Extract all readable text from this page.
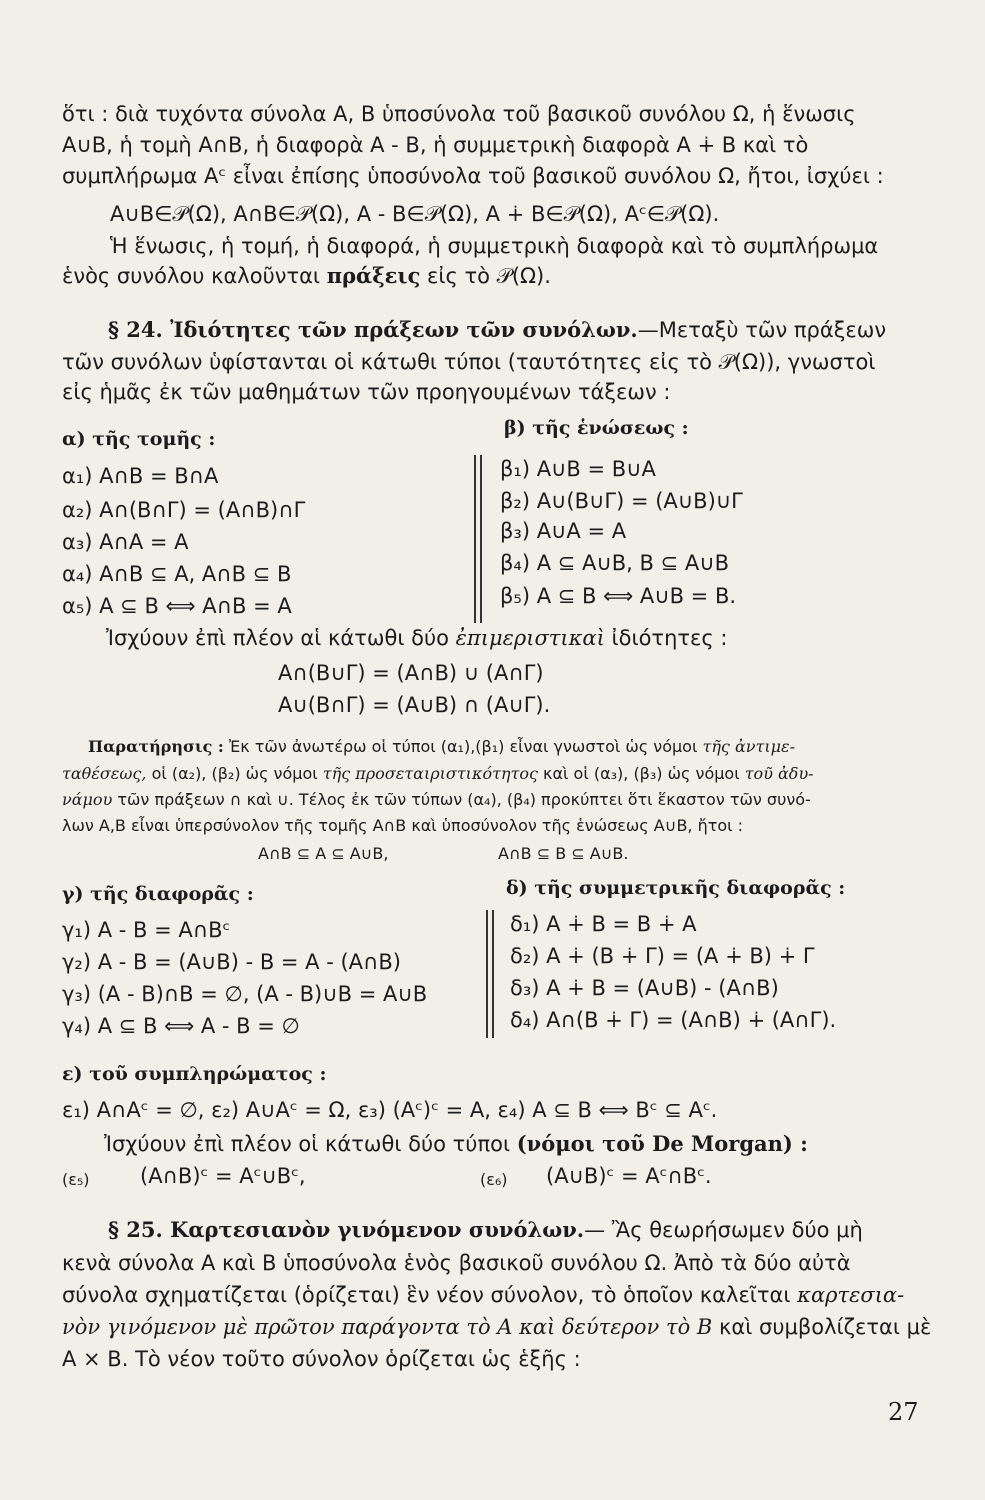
ὅτι : διὰ τυχόντα σύνολα Α, Β ὑποσύνολα τοῦ βασικοῦ συνόλου Ω, ἡ ἕνωσις
Α∪Β, ἡ τομὴ Α∩Β, ἡ διαφορὰ Α - Β, ἡ συμμετρικὴ διαφορὰ Α ∔ Β καὶ τὸ
συμπλήρωμα Αᶜ εἶναι ἐπίσης ὑποσύνολα τοῦ βασικοῦ συνόλου Ω, ἤτοι, ἰσχύει :
Α∪Β∈𝒫(Ω), Α∩Β∈𝒫(Ω), Α - Β∈𝒫(Ω), Α ∔ Β∈𝒫(Ω), Αᶜ∈𝒫(Ω).
Ἡ ἕνωσις, ἡ τομή, ἡ διαφορά, ἡ συμμετρικὴ διαφορὰ καὶ τὸ συμπλήρωμα
ἑνὸς συνόλου καλοῦνται πράξεις εἰς τὸ 𝒫(Ω).
§ 24. Ἰδιότητες τῶν πράξεων τῶν συνόλων.—Μεταξὺ τῶν πράξεων
τῶν συνόλων ὑφίστανται οἱ κάτωθι τύποι (ταυτότητες εἰς τὸ 𝒫(Ω)), γνωστοὶ
εἰς ἡμᾶς ἐκ τῶν μαθημάτων τῶν προηγουμένων τάξεων :
α) τῆς τομῆς :	β) τῆς ἑνώσεως :
α₁) Α∩Β = Β∩Α
α₂) Α∩(Β∩Γ) = (Α∩Β)∩Γ
α₃) Α∩Α = Α
α₄) Α∩Β ⊆ Α, Α∩Β ⊆ Β
α₅) Α ⊆ Β ⟺ Α∩Β = Α
β₁) Α∪Β = Β∪Α
β₂) Α∪(Β∪Γ) = (Α∪Β)∪Γ
β₃) Α∪Α = Α
β₄) Α ⊆ Α∪Β, Β ⊆ Α∪Β
β₅) Α ⊆ Β ⟺ Α∪Β = Β.
Ἰσχύουν ἐπὶ πλέον αἱ κάτωθι δύο ἐπιμεριστικαὶ ἰδιότητες :
Α∩(Β∪Γ) = (Α∩Β) ∪ (Α∩Γ)
Α∪(Β∩Γ) = (Α∪Β) ∩ (Α∪Γ).
Παρατήρησις : Ἐκ τῶν ἀνωτέρω οἱ τύποι (α₁),(β₁) εἶναι γνωστοὶ ὡς νόμοι τῆς ἀντιμε-
ταθέσεως, οἱ (α₂), (β₂) ὡς νόμοι τῆς προσεταιριστικότητος καὶ οἱ (α₃), (β₃) ὡς νόμοι τοῦ ἀδυ-
νάμου τῶν πράξεων ∩ καὶ ∪. Τέλος ἐκ τῶν τύπων (α₄), (β₄) προκύπτει ὅτι ἕκαστον τῶν συνό-
λων Α,Β εἶναι ὑπερσύνολον τῆς τομῆς Α∩Β καὶ ὑποσύνολον τῆς ἑνώσεως Α∪Β, ἤτοι :
Α∩Β ⊆ Α ⊆ Α∪Β,	Α∩Β ⊆ Β ⊆ Α∪Β.
γ) τῆς διαφορᾶς :	δ) τῆς συμμετρικῆς διαφορᾶς :
γ₁) Α - Β = Α∩Βᶜ
γ₂) Α - Β = (Α∪Β) - Β = Α - (Α∩Β)
γ₃) (Α - Β)∩Β = ∅, (Α - Β)∪Β = Α∪Β
γ₄) Α ⊆ Β ⟺ Α - Β = ∅
δ₁) Α ∔ Β = Β ∔ Α
δ₂) Α ∔ (Β ∔ Γ) = (Α ∔ Β) ∔ Γ
δ₃) Α ∔ Β = (Α∪Β) - (Α∩Β)
δ₄) Α∩(Β ∔ Γ) = (Α∩Β) ∔ (Α∩Γ).
ε) τοῦ συμπληρώματος :
ε₁) Α∩Αᶜ = ∅, ε₂) Α∪Αᶜ = Ω, ε₃) (Αᶜ)ᶜ = Α, ε₄) Α ⊆ Β ⟺ Βᶜ ⊆ Αᶜ.
Ἰσχύουν ἐπὶ πλέον οἱ κάτωθι δύο τύποι (νόμοι τοῦ De Morgan) :
(ε₅) (Α∩Β)ᶜ = Αᶜ∪Βᶜ,	(ε₆) (Α∪Β)ᶜ = Αᶜ∩Βᶜ.
§ 25. Καρτεσιανὸν γινόμενον συνόλων.— Ἂς θεωρήσωμεν δύο μὴ
κενὰ σύνολα Α καὶ Β ὑποσύνολα ἑνὸς βασικοῦ συνόλου Ω. Ἀπὸ τὰ δύο αὐτὰ
σύνολα σχηματίζεται (ὁρίζεται) ἓν νέον σύνολον, τὸ ὁποῖον καλεῖται καρτεσια-
νὸν γινόμενον μὲ πρῶτον παράγοντα τὸ Α καὶ δεύτερον τὸ Β καὶ συμβολίζεται μὲ
Α × Β. Τὸ νέον τοῦτο σύνολον ὁρίζεται ὡς ἑξῆς :
27
